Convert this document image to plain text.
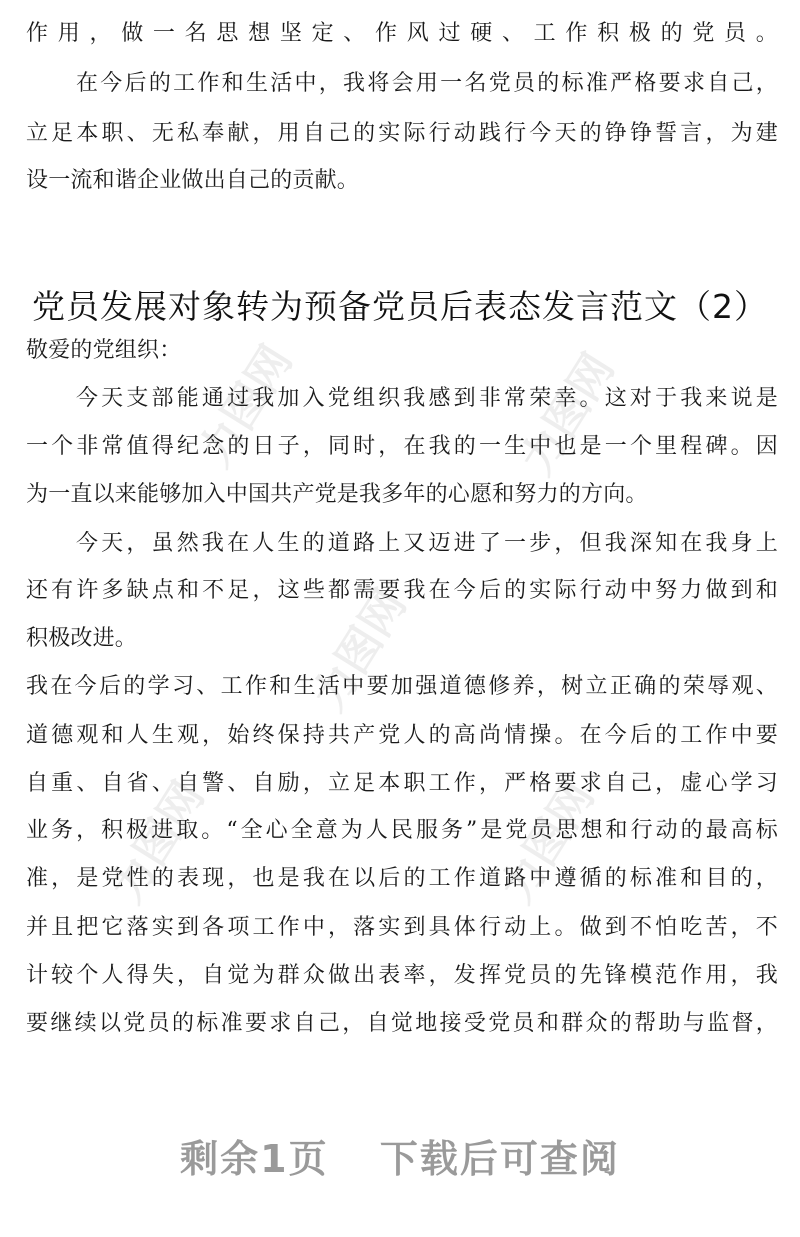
力图网	力图网
力图网
力图网	力图网
作用，做一名思想坚定、作风过硬、工作积极的党员。
在今后的工作和生活中，我将会用一名党员的标准严格要求自己，
立足本职、无私奉献，用自己的实际行动践行今天的铮铮誓言，为建
设一流和谐企业做出自己的贡献。
党员发展对象转为预备党员后表态发言范文（2）
敬爱的党组织：
今天支部能通过我加入党组织我感到非常荣幸。这对于我来说是
一个非常值得纪念的日子，同时，在我的一生中也是一个里程碑。因
为一直以来能够加入中国共产党是我多年的心愿和努力的方向。
今天，虽然我在人生的道路上又迈进了一步，但我深知在我身上
还有许多缺点和不足，这些都需要我在今后的实际行动中努力做到和
积极改进。
我在今后的学习、工作和生活中要加强道德修养，树立正确的荣辱观、
道德观和人生观，始终保持共产党人的高尚情操。在今后的工作中要
自重、自省、自警、自励，立足本职工作，严格要求自己，虚心学习
业务，积极进取。“全心全意为人民服务”是党员思想和行动的最高标
准，是党性的表现，也是我在以后的工作道路中遵循的标准和目的，
并且把它落实到各项工作中，落实到具体行动上。做到不怕吃苦，不
计较个人得失，自觉为群众做出表率，发挥党员的先锋模范作用，我
要继续以党员的标准要求自己，自觉地接受党员和群众的帮助与监督，
剩余1页 下载后可查阅
